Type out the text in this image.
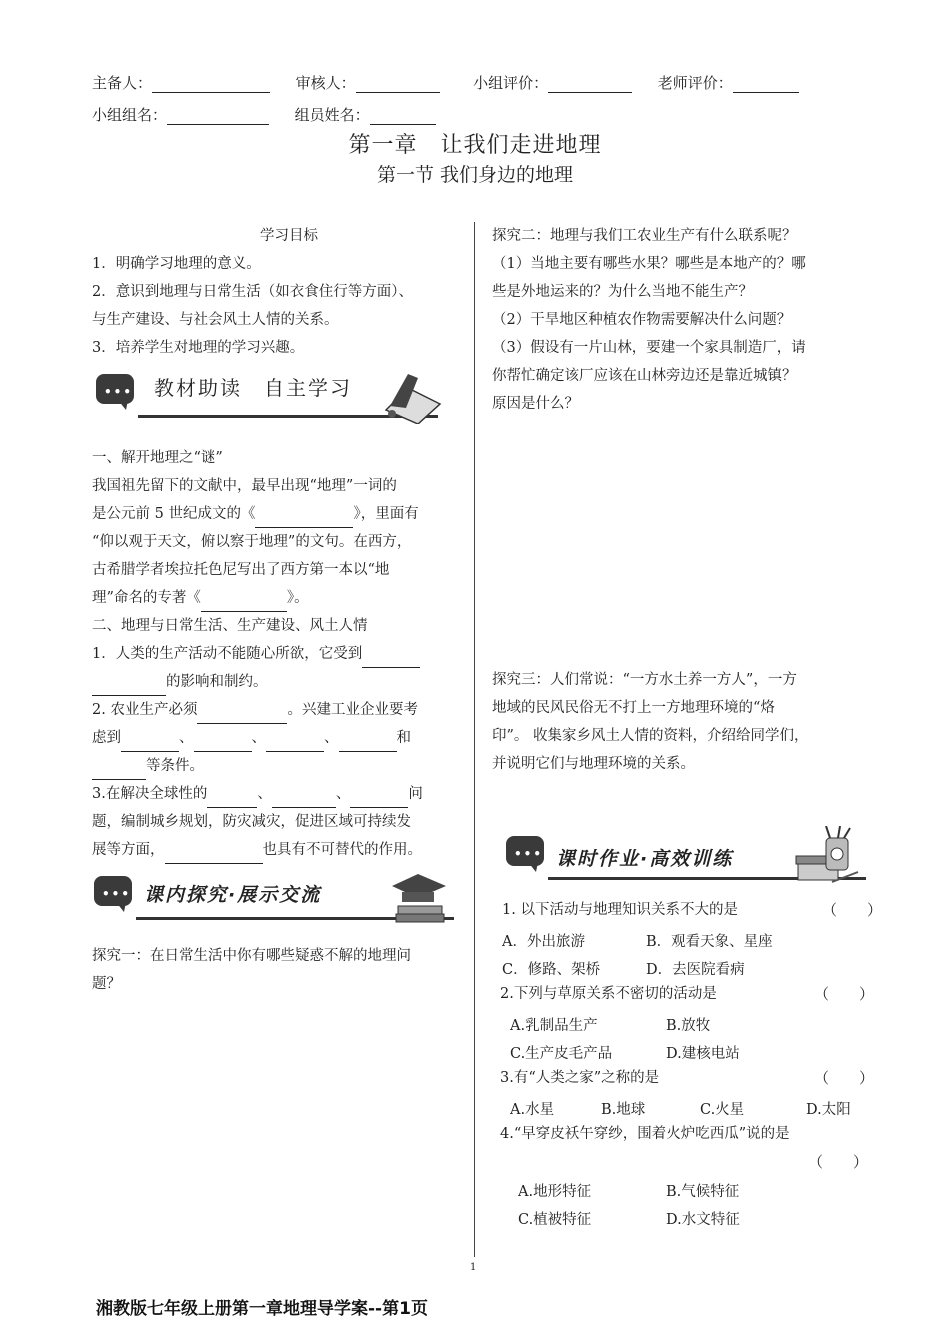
主备人：	审核人：	小组评价：	老师评价：
小组组名：	组员姓名：
第一章　让我们走进地理
第一节 我们身边的地理
学习目标

1．明确学习地理的意义。

2．意识到地理与日常生活（如衣食住行等方面）、

与生产建设、与社会风土人情的关系。

3．培养学生对地理的学习兴趣。

••• 教材助读　自主学习

一、解开地理之“谜”

我国祖先留下的文献中，最早出现“地理”一词的

是公元前 5 世纪成文的《	》，里面有

“仰以观于天文，俯以察于地理”的文句。在西方，

古希腊学者埃拉托色尼写出了西方第一本以“地

理”命名的专著《	》。

二、地理与日常生活、生产建设、风土人情

1．人类的生产活动不能随心所欲，它受到

的影响和制约。

2. 农业生产必须	。兴建工业企业要考

虑到	、	、	、	和

等条件。

3.在解决全球性的	、	、	问

题，编制城乡规划，防灾减灾，促进区域可持续发

展等方面，	也具有不可替代的作用。

••• 课内探究·展示交流

探究一：在日常生活中你有哪些疑惑不解的地理问

题？

探究二：地理与我们工农业生产有什么联系呢？

（1）当地主要有哪些水果？哪些是本地产的？哪

些是外地运来的？为什么当地不能生产？

（2）干旱地区种植农作物需要解决什么问题？

（3）假设有一片山林，要建一个家具制造厂，请

你帮忙确定该厂应该在山林旁边还是靠近城镇？

原因是什么？

探究三：人们常说：“一方水土养一方人”，一方

地域的民风民俗无不打上一方地理环境的“烙

印”。 收集家乡风土人情的资料，介绍给同学们，

并说明它们与地理环境的关系。

••• 课时作业·高效训练
1. 以下活动与地理知识关系不大的是	（　　）
A．外出旅游	B．观看天象、星座
C．修路、架桥	D．去医院看病
2.下列与草原关系不密切的活动是	（　　）
A.乳制品生产	B.放牧
C.生产皮毛产品	D.建核电站
3.有“人类之家”之称的是	（　　）
A.水星	B.地球	C.火星	D.太阳
4.“早穿皮袄午穿纱，围着火炉吃西瓜”说的是
（　　）
A.地形特征	B.气候特征
C.植被特征	D.水文特征
1
湘教版七年级上册第一章地理导学案--第1页
